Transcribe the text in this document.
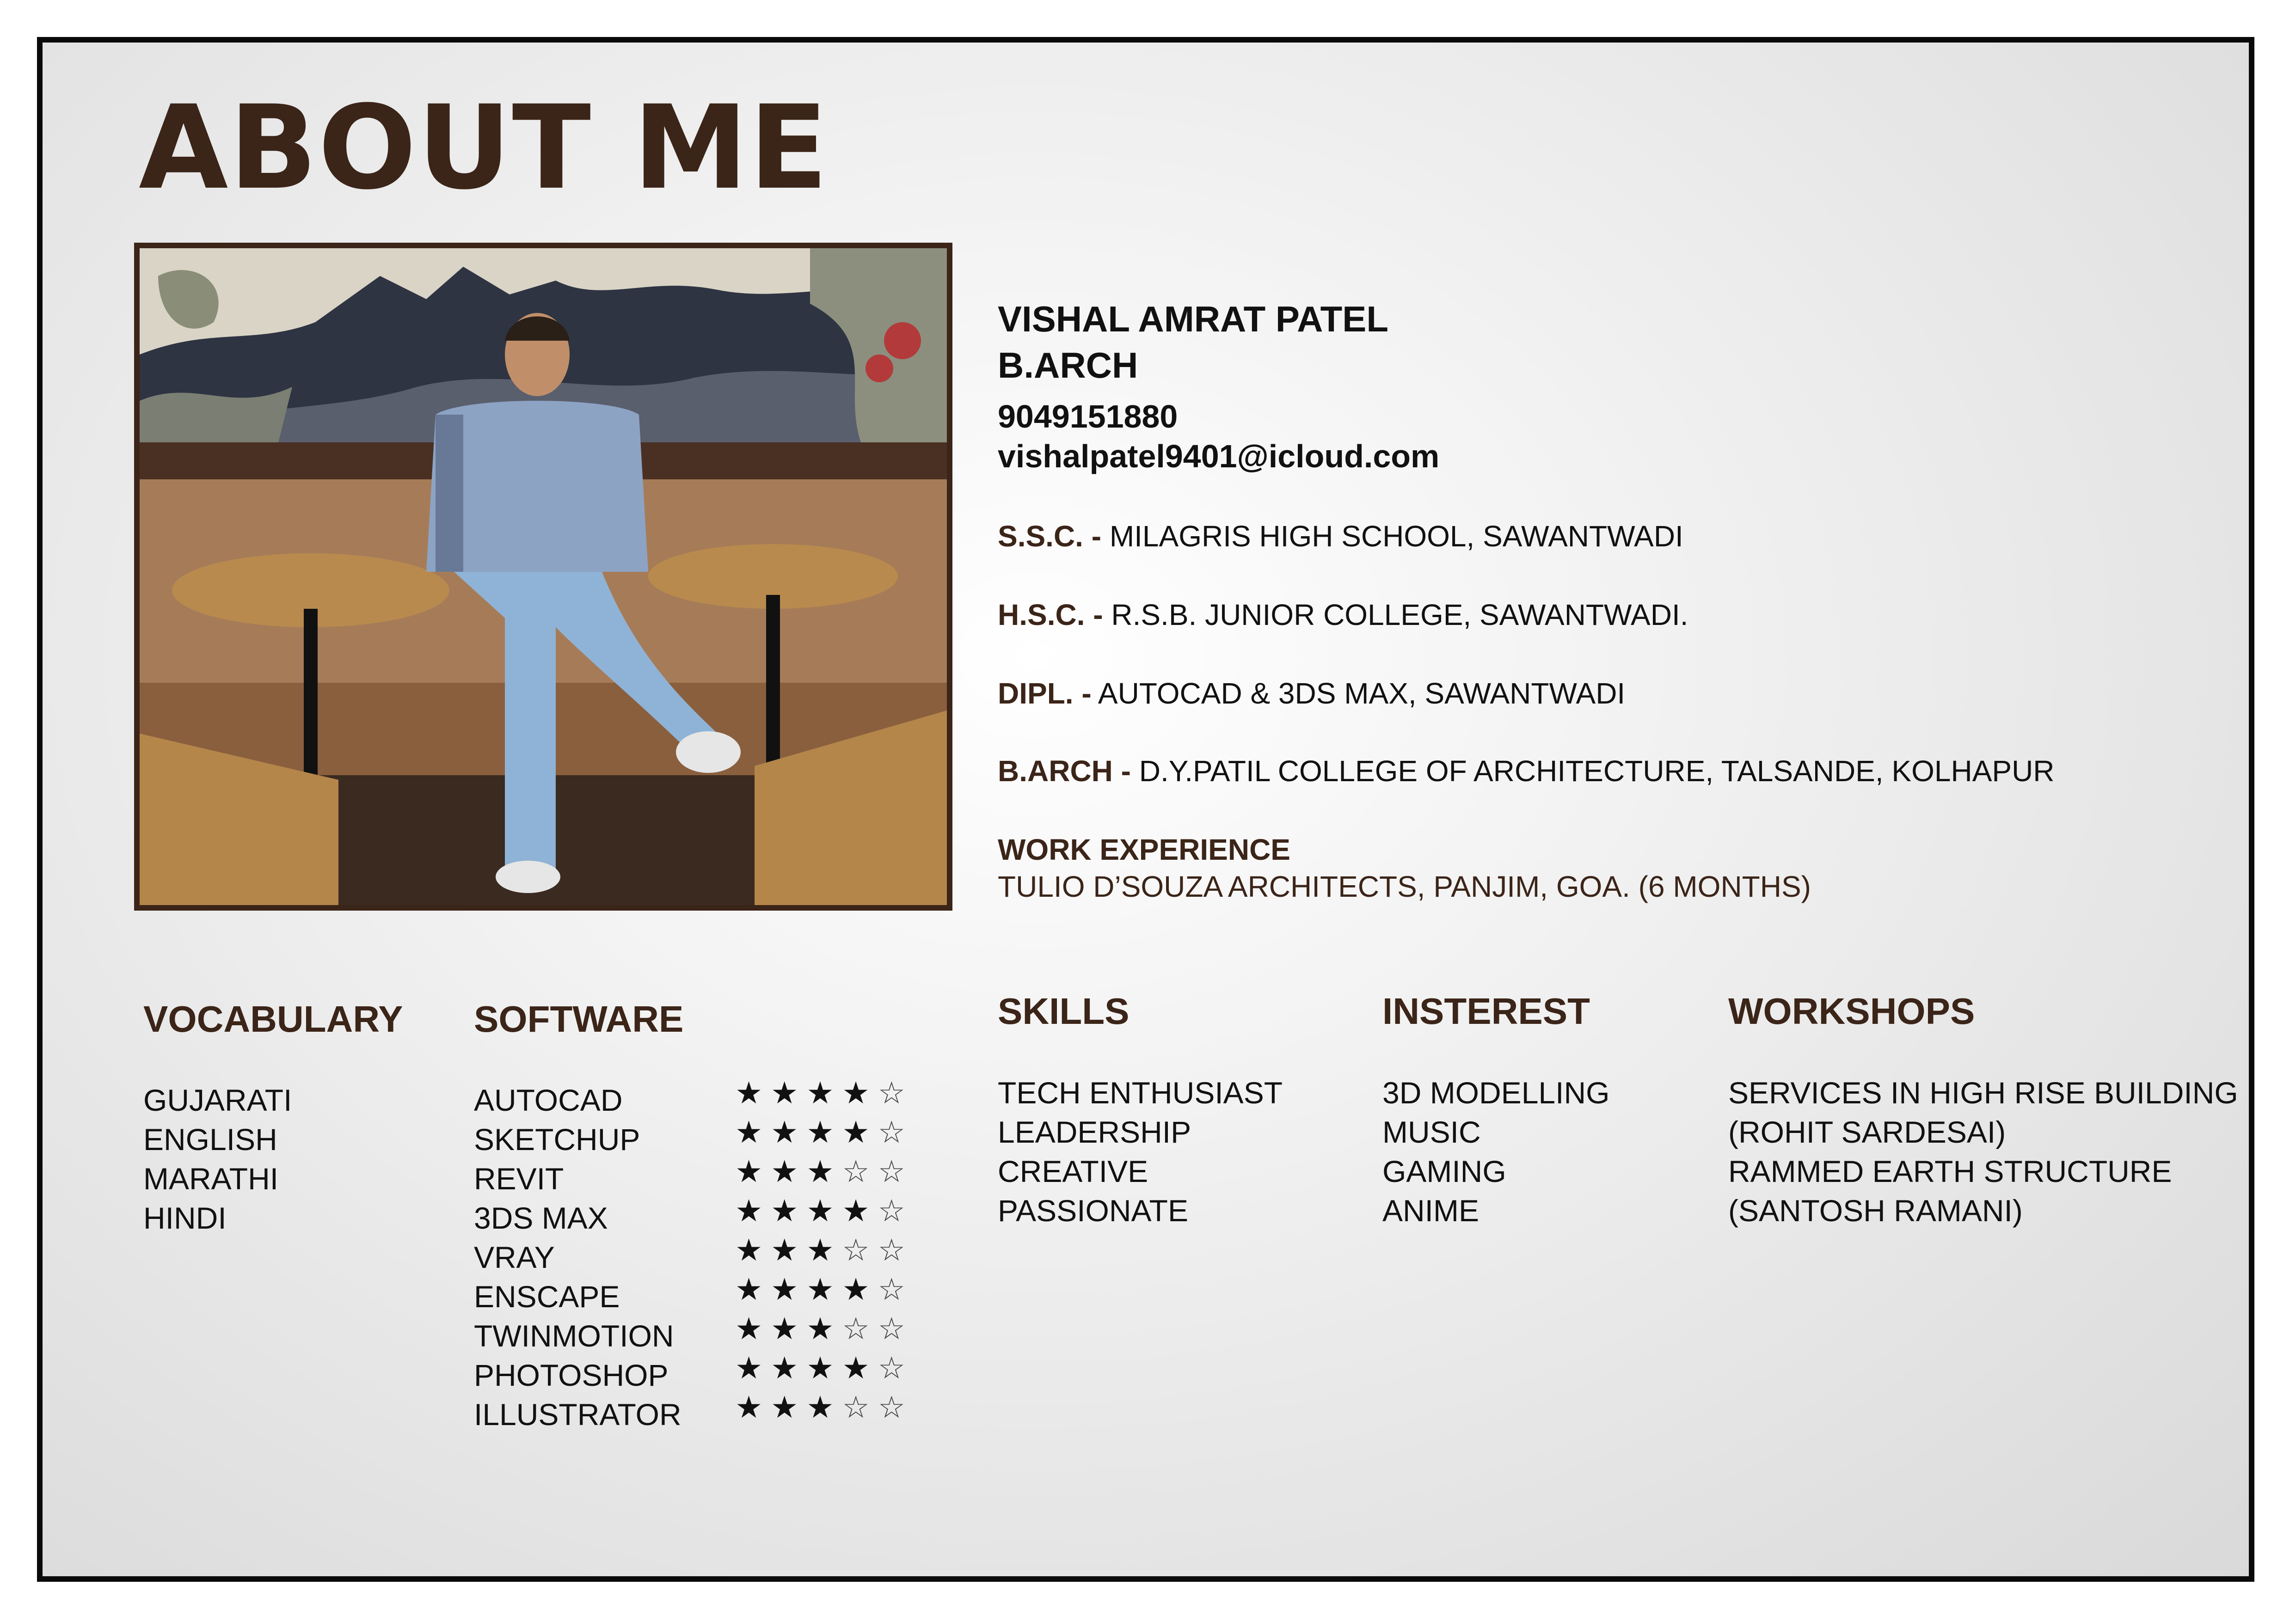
ABOUT ME
VISHAL AMRAT PATEL
B.ARCH
9049151880
vishalpatel9401@icloud.com
S.S.C. - MILAGRIS HIGH SCHOOL, SAWANTWADI
H.S.C. - R.S.B. JUNIOR COLLEGE, SAWANTWADI.
DIPL. - AUTOCAD & 3DS MAX, SAWANTWADI
B.ARCH - D.Y.PATIL COLLEGE OF ARCHITECTURE, TALSANDE, KOLHAPUR
WORK EXPERIENCE
TULIO D’SOUZA ARCHITECTS, PANJIM, GOA. (6 MONTHS)
VOCABULARY
GUJARATI
ENGLISH
MARATHI
HINDI
SOFTWARE
AUTOCAD
SKETCHUP
REVIT
3DS MAX
VRAY
ENSCAPE
TWINMOTION
PHOTOSHOP
ILLUSTRATOR
★★★★☆
★★★★☆
★★★☆☆
★★★★☆
★★★☆☆
★★★★☆
★★★☆☆
★★★★☆
★★★☆☆
SKILLS
TECH ENTHUSIAST
LEADERSHIP
CREATIVE
PASSIONATE
INSTEREST
3D MODELLING
MUSIC
GAMING
ANIME
WORKSHOPS
SERVICES IN HIGH RISE BUILDING
(ROHIT SARDESAI)
RAMMED EARTH STRUCTURE
(SANTOSH RAMANI)
